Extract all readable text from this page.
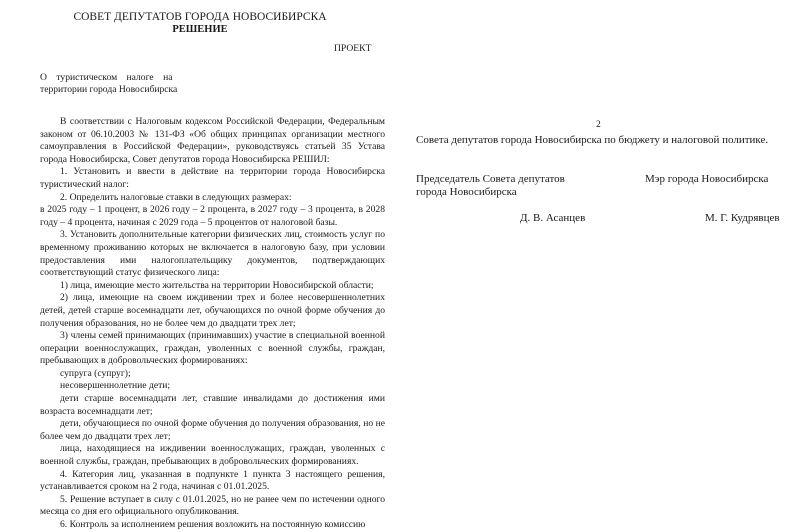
СОВЕТ ДЕПУТАТОВ ГОРОДА НОВОСИБИРСКА
РЕШЕНИЕ
ПРОЕКТ
О туристическом налоге на
территории города Новосибирска

В соответствии с Налоговым кодексом Российской Федерации, Федеральным законом от 06.10.2003 № 131-ФЗ «Об общих принципах организации местного самоуправления в Российской Федерации», руководствуясь статьей 35 Устава города Новосибирска, Совет депутатов города Новосибирска РЕШИЛ:

1. Установить и ввести в действие на территории города Новосибирска туристический налог:

2. Определить налоговые ставки в следующих размерах:

в 2025 году – 1 процент, в 2026 году – 2 процента, в 2027 году – 3 процента, в 2028 году – 4 процента, начиная с 2029 года – 5 процентов от налоговой базы.

3. Установить дополнительные категории физических лиц, стоимость услуг по временному проживанию которых не включается в налоговую базу, при условии предоставления ими налогоплательщику документов, подтверждающих соответствующий статус физического лица:

1) лица, имеющие место жительства на территории Новосибирской области;

2) лица, имеющие на своем иждивении трех и более несовершеннолетних детей, детей старше восемнадцати лет, обучающихся по очной форме обучения до получения образования, но не более чем до двадцати трех лет;

3) члены семей принимающих (принимавших) участие в специальной военной операции военнослужащих, граждан, уволенных с военной службы, граждан, пребывающих в добровольческих формированиях:

супруга (супруг);

несовершеннолетние дети;

дети старше восемнадцати лет, ставшие инвалидами до достижения ими возраста восемнадцати лет;

дети, обучающиеся по очной форме обучения до получения образования, но не более чем до двадцати трех лет;

лица, находящиеся на иждивении военнослужащих, граждан, уволенных с военной службы, граждан, пребывающих в добровольческих формированиях.

4. Категория лиц, указанная в подпункте 1 пункта 3 настоящего решения, устанавливается сроком на 2 года, начиная с 01.01.2025.

5. Решение вступает в силу с 01.01.2025, но не ранее чем по истечении одного месяца со дня его официального опубликования.

6. Контроль за исполнением решения возложить на постоянную комиссию

2
Совета депутатов города Новосибирска по бюджету и налоговой политике.
Председатель Совета депутатов
города Новосибирска
Мэр города Новосибирска
Д. В. Асанцев	М. Г. Кудрявцев
